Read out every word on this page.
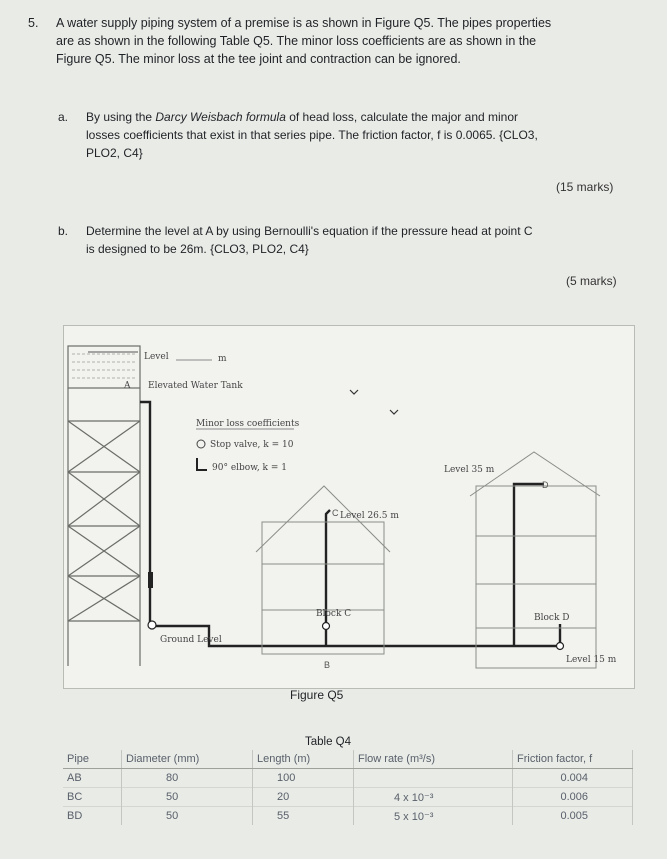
5. A water supply piping system of a premise is as shown in Figure Q5. The pipes properties
are as shown in the following Table Q5. The minor loss coefficients are as shown in the
Figure Q5. The minor loss at the tee joint and contraction can be ignored.
a. By using the Darcy Weisbach formula of head loss, calculate the major and minor
losses coefficients that exist in that series pipe. The friction factor, f is 0.0065. {CLO3,
PLO2, C4}
(15 marks)
b. Determine the level at A by using Bernoulli's equation if the pressure head at point C
is designed to be 26m. {CLO3, PLO2, C4}
(5 marks)
Level	m
A Elevated Water Tank
Minor loss coefficients
Stop valve, k = 10
90° elbow, k = 1
C Level 26.5 m
Block C
Ground Level
Level 35 m
D
Block D
Level 15 m
B
Figure Q5
Table Q4
Pipe	Diameter (mm)	Length (m)	Flow rate (m³/s)	Friction factor, f
AB	80	100		0.004
BC	50	20	4 x 10⁻³	0.006
BD	50	55	5 x 10⁻³	0.005
